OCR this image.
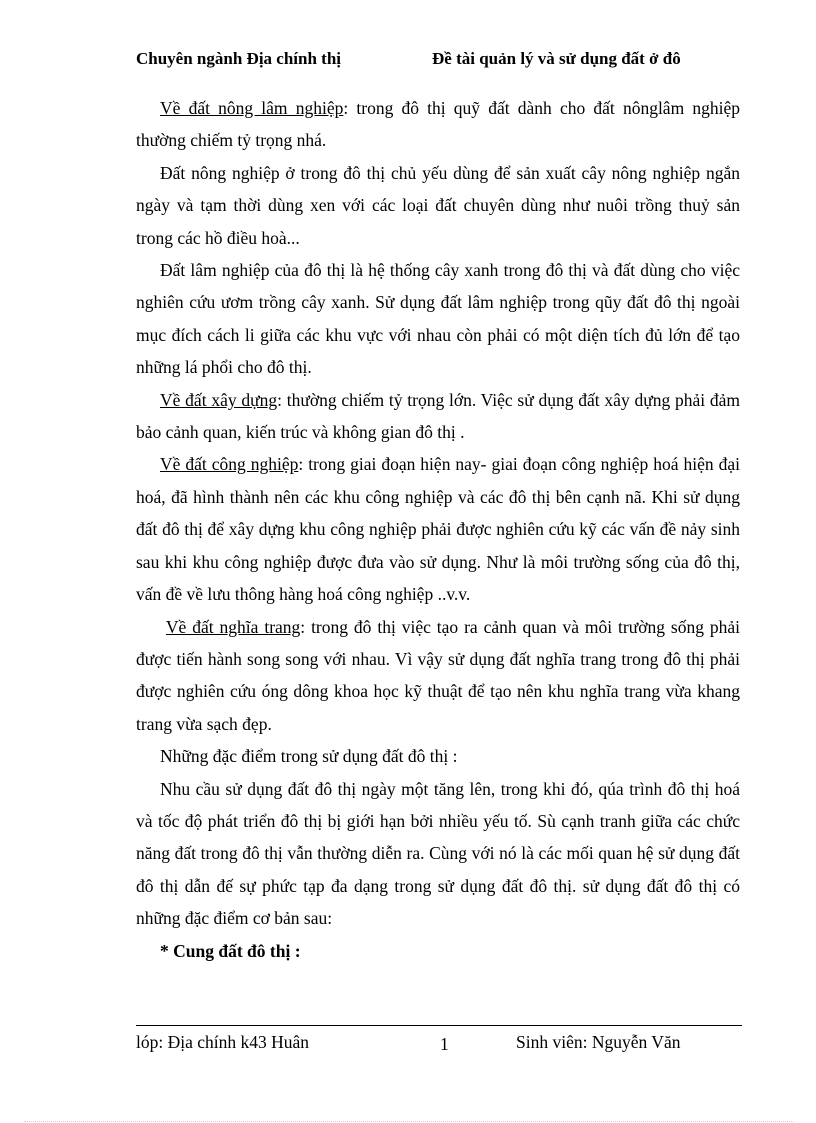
Chuyên ngành Địa chính thị	Đề tài quản lý và sử dụng đất ở đô

Về đất nông lâm nghiệp: trong đô thị quỹ đất dành cho đất nônglâm nghiệp thường chiếm tỷ trọng nhá.

Đất nông nghiệp ở trong đô thị chủ yếu dùng để sản xuất cây nông nghiệp ngắn ngày và tạm thời dùng xen với các loại đất chuyên dùng như nuôi trồng thuỷ sản trong các hồ điều hoà...

Đất lâm nghiệp của đô thị là hệ thống cây xanh trong đô thị và đất dùng cho việc nghiên cứu ươm trồng cây xanh. Sử dụng đất lâm nghiệp trong qũy đất đô thị ngoài mục đích cách li giữa các khu vực với nhau còn phải có một diện tích đủ lớn để tạo những lá phổi cho đô thị.

Về đất xây dựng: thường chiếm tỷ trọng lớn. Việc sử dụng đất xây dựng phải đảm bảo cảnh quan, kiến trúc và không gian đô thị .

Về đất công nghiệp: trong giai đoạn hiện nay- giai đoạn công nghiệp hoá hiện đại hoá, đã hình thành nên các khu công nghiệp và các đô thị bên cạnh nã. Khi sử dụng đất đô thị để xây dựng khu công nghiệp phải được nghiên cứu kỹ các vấn đề nảy sinh sau khi khu công nghiệp được đưa vào sử dụng. Như là môi trường sống của đô thị, vấn đề về lưu thông hàng hoá công nghiệp ..v.v.

Về đất nghĩa trang: trong đô thị việc tạo ra cảnh quan và môi trường sống phải được tiến hành song song với nhau. Vì vậy sử dụng đất nghĩa trang trong đô thị phải được nghiên cứu óng dông khoa học kỹ thuật để tạo nên khu nghĩa trang vừa khang trang vừa sạch đẹp.

Những đặc điểm trong sử dụng đất đô thị :

Nhu cầu sử dụng đất đô thị ngày một tăng lên, trong khi đó, qúa trình đô thị hoá và tốc độ phát triển đô thị bị giới hạn bởi nhiều yếu tố. Sù cạnh tranh giữa các chức năng đất trong đô thị vẫn thường diễn ra. Cùng với nó là các mối quan hệ sử dụng đất đô thị dẫn đế sự phức tạp đa dạng trong sử dụng đất đô thị. sử dụng đất đô thị có những đặc điểm cơ bản sau:

* Cung đất đô thị :

lóp: Địa chính k43 Huân	1	Sinh viên: Nguyễn Văn
